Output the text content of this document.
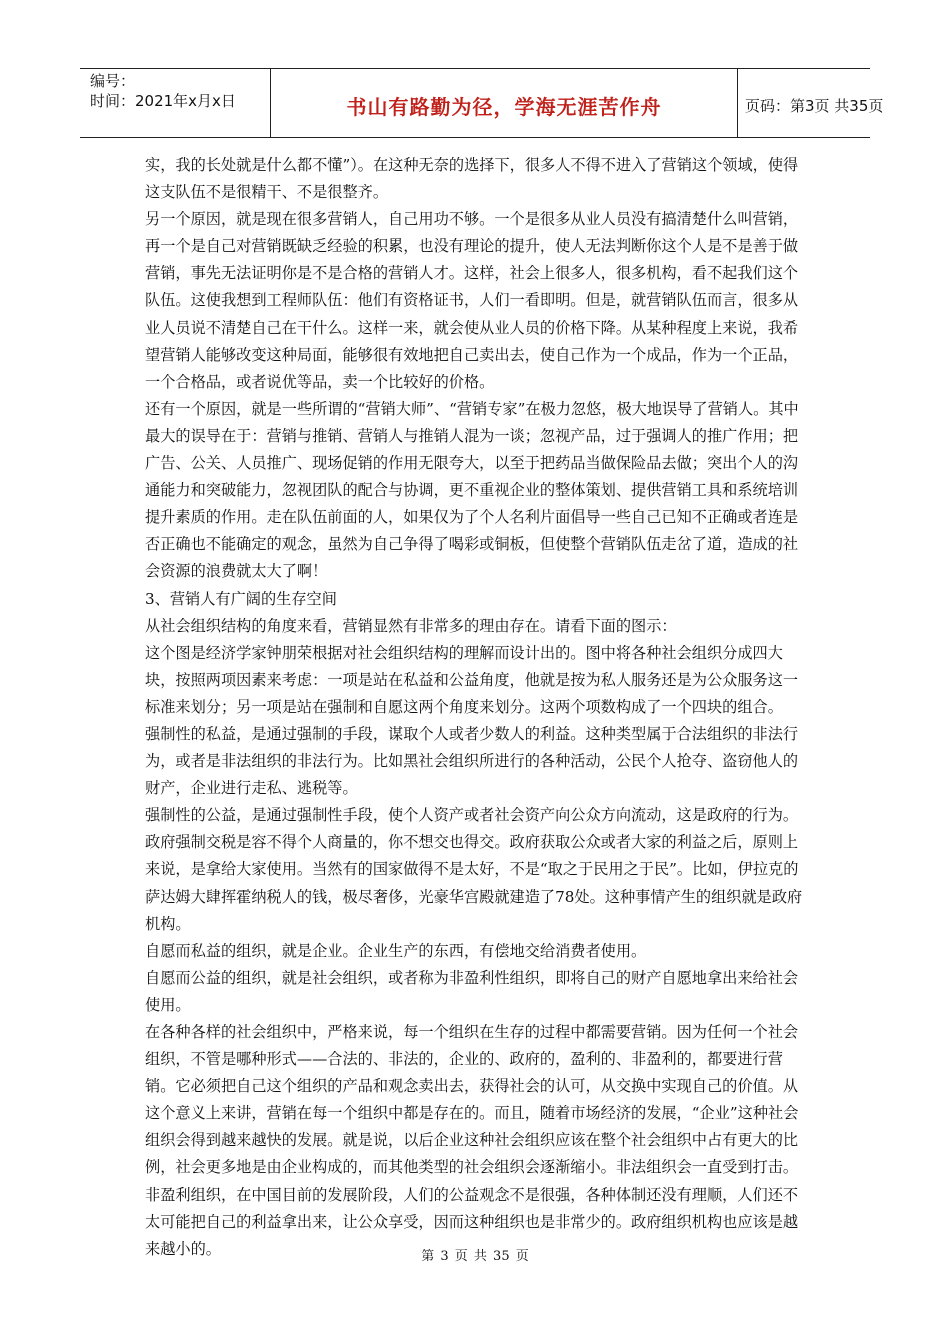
编号：
时间：2021年x月x日	书山有路勤为径，学海无涯苦作舟	页码：第3页 共35页

实，我的长处就是什么都不懂”）。在这种无奈的选择下，很多人不得不进入了营销这个领域，使得这支队伍不是很精干、不是很整齐。

另一个原因，就是现在很多营销人，自己用功不够。一个是很多从业人员没有搞清楚什么叫营销，再一个是自己对营销既缺乏经验的积累，也没有理论的提升，使人无法判断你这个人是不是善于做营销，事先无法证明你是不是合格的营销人才。这样，社会上很多人，很多机构，看不起我们这个队伍。这使我想到工程师队伍：他们有资格证书，人们一看即明。但是，就营销队伍而言，很多从业人员说不清楚自己在干什么。这样一来，就会使从业人员的价格下降。从某种程度上来说，我希望营销人能够改变这种局面，能够很有效地把自己卖出去，使自己作为一个成品，作为一个正品，一个合格品，或者说优等品，卖一个比较好的价格。

还有一个原因，就是一些所谓的“营销大师”、“营销专家”在极力忽悠，极大地误导了营销人。其中最大的误导在于：营销与推销、营销人与推销人混为一谈；忽视产品，过于强调人的推广作用；把广告、公关、人员推广、现场促销的作用无限夸大，以至于把药品当做保险品去做；突出个人的沟通能力和突破能力，忽视团队的配合与协调，更不重视企业的整体策划、提供营销工具和系统培训提升素质的作用。走在队伍前面的人，如果仅为了个人名利片面倡导一些自己已知不正确或者连是否正确也不能确定的观念，虽然为自己争得了喝彩或铜板，但使整个营销队伍走岔了道，造成的社会资源的浪费就太大了啊！

3、营销人有广阔的生存空间

从社会组织结构的角度来看，营销显然有非常多的理由存在。请看下面的图示：

这个图是经济学家钟朋荣根据对社会组织结构的理解而设计出的。图中将各种社会组织分成四大块，按照两项因素来考虑：一项是站在私益和公益角度，他就是按为私人服务还是为公众服务这一标准来划分；另一项是站在强制和自愿这两个角度来划分。这两个项数构成了一个四块的组合。

强制性的私益，是通过强制的手段，谋取个人或者少数人的利益。这种类型属于合法组织的非法行为，或者是非法组织的非法行为。比如黑社会组织所进行的各种活动，公民个人抢夺、盗窃他人的财产，企业进行走私、逃税等。

强制性的公益，是通过强制性手段，使个人资产或者社会资产向公众方向流动，这是政府的行为。政府强制交税是容不得个人商量的，你不想交也得交。政府获取公众或者大家的利益之后，原则上来说，是拿给大家使用。当然有的国家做得不是太好，不是“取之于民用之于民”。比如，伊拉克的萨达姆大肆挥霍纳税人的钱，极尽奢侈，光豪华宫殿就建造了78处。这种事情产生的组织就是政府机构。

自愿而私益的组织，就是企业。企业生产的东西，有偿地交给消费者使用。

自愿而公益的组织，就是社会组织，或者称为非盈利性组织，即将自己的财产自愿地拿出来给社会使用。

在各种各样的社会组织中，严格来说，每一个组织在生存的过程中都需要营销。因为任何一个社会组织，不管是哪种形式——合法的、非法的，企业的、政府的，盈利的、非盈利的，都要进行营销。它必须把自己这个组织的产品和观念卖出去，获得社会的认可，从交换中实现自己的价值。从这个意义上来讲，营销在每一个组织中都是存在的。而且，随着市场经济的发展，“企业”这种社会组织会得到越来越快的发展。就是说，以后企业这种社会组织应该在整个社会组织中占有更大的比例，社会更多地是由企业构成的，而其他类型的社会组织会逐渐缩小。非法组织会一直受到打击。非盈利组织，在中国目前的发展阶段，人们的公益观念不是很强，各种体制还没有理顺，人们还不太可能把自己的利益拿出来，让公众享受，因而这种组织也是非常少的。政府组织机构也应该是越来越小的。	第 3 页 共 35 页
